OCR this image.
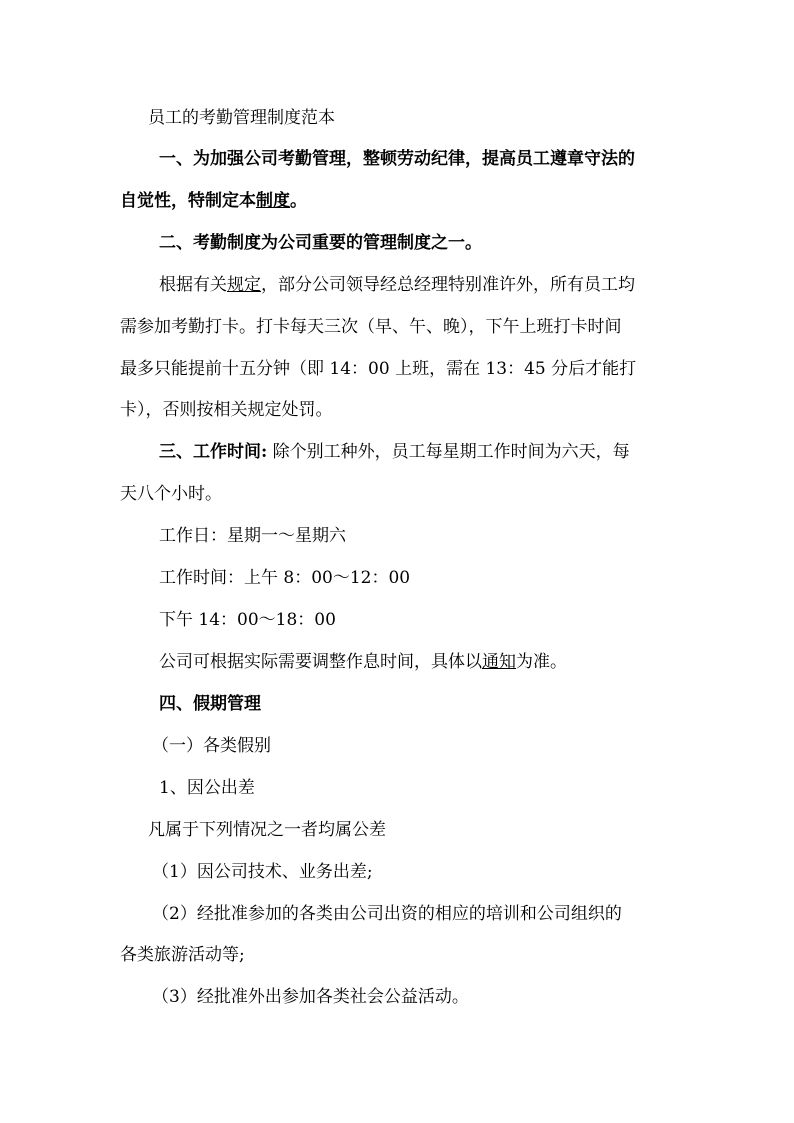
员工的考勤管理制度范本
一、为加强公司考勤管理，整顿劳动纪律，提高员工遵章守法的
自觉性，特制定本制度。
二、考勤制度为公司重要的管理制度之一。
根据有关规定，部分公司领导经总经理特别准许外，所有员工均
需参加考勤打卡。打卡每天三次（早、午、晚），下午上班打卡时间
最多只能提前十五分钟（即 14：00 上班，需在 13：45 分后才能打
卡），否则按相关规定处罚。
三、工作时间: 除个别工种外，员工每星期工作时间为六天，每
天八个小时。
工作日：星期一～星期六
工作时间：上午 8：00～12：00
下午 14：00～18：00
公司可根据实际需要调整作息时间，具体以通知为准。
四、假期管理
（一）各类假别
1、因公出差
凡属于下列情况之一者均属公差
（1）因公司技术、业务出差;
（2）经批准参加的各类由公司出资的相应的培训和公司组织的
各类旅游活动等;
（3）经批准外出参加各类社会公益活动。
